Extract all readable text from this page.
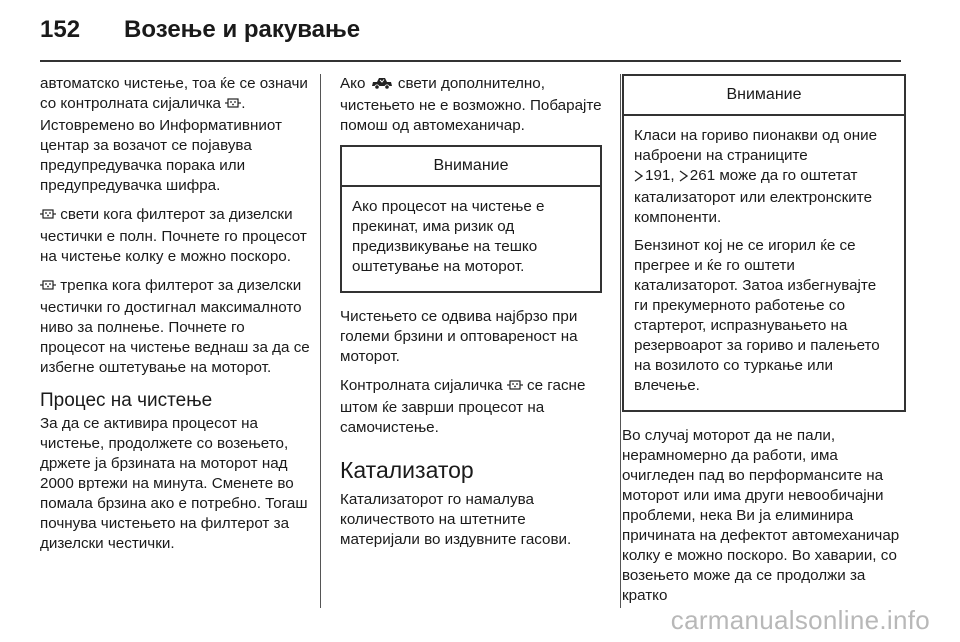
152 Возење и ракување

автоматско чистење, тоа ќе се означи со контролната сијаличка . Истовремено во Информативниот центар за возачот се појавува предупредувачка порака или предупредувачка шифра.

свети кога филтерот за дизелски честички е полн. Почнете го процесот на чистење колку е можно поскоро.

трепка кога филтерот за дизелски честички го достигнал максималното ниво за полнење. Почнете го процесот на чистење веднаш за да се избегне оштетување на моторот.

Процес на чистење

За да се активира процесот на чистење, продолжете со возењето, држете ја брзината на моторот над 2000 вртежи на минута. Сменете во помала брзина ако е потребно. Тогаш почнува чистењето на филтерот за дизелски честички.

Ако  свети дополнително, чистењето не е возможно. Побарајте помош од автомеханичар.

Внимание

Ако процесот на чистење е прекинат, има ризик од предизвикување на тешко оштетување на моторот.

Чистењето се одвива најбрзо при големи брзини и оптовареност на моторот.

Контролната сијаличка  се гасне штом ќе заврши процесот на самочистење.

Катализатор

Катализаторот го намалува количеството на штетните материјали во издувните гасови.

Внимание

Класи на гориво пионакви од оние наброени на страниците
191, 261 може да го оштетат катализаторот или електронските компоненти.

Бензинот кој не се игорил ќе се прегрее и ќе го оштети катализаторот. Затоа избегнувајте ги прекумерното работење со стартерот, испразнувањето на резервоарот за гориво и палењето на возилото со туркање или влечење.

Во случај моторот да не пали, нерамномерно да работи, има очигледен пад во перформансите на моторот или има други невообичајни проблеми, нека Ви ја елиминира причината на дефектот автомеханичар колку е можно поскоро. Во хаварии, со возењето може да се продолжи за кратко

carmanualsonline.info
